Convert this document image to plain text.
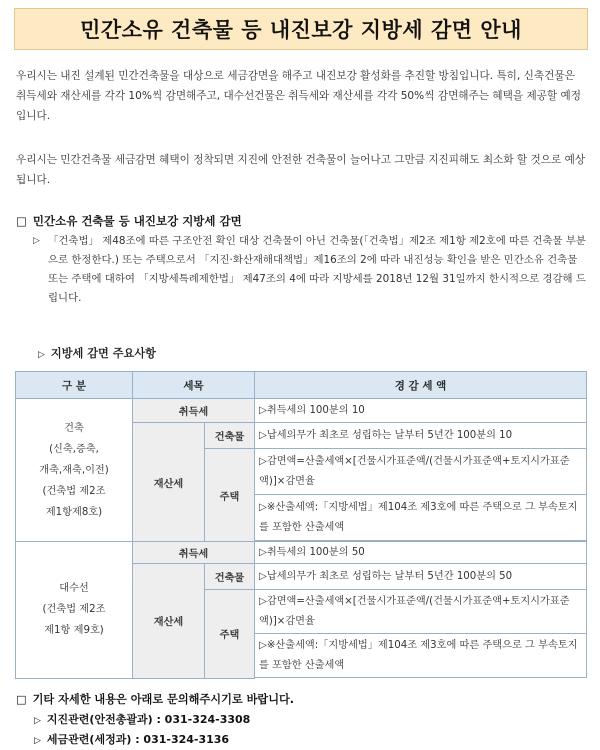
민간소유 건축물 등 내진보강 지방세 감면 안내
우리시는 내진 설계된 민간건축물을 대상으로 세금감면을 해주고 내진보강 활성화를 추진할 방침입니다. 특히, 신축건물은 취득세와 재산세를 각각 10%씩 감면해주고, 대수선건물은 취득세와 재산세를 각각 50%씩 감면해주는 혜택을 제공할 예정입니다.
우리시는 민간건축물 세금감면 혜택이 정착되면 지진에 안전한 건축물이 늘어나고 그만큼 지진피해도 최소화 할 것으로 예상됩니다.
□ 민간소유 건축물 등 내진보강 지방세 감면
▷ 「건축법」 제48조에 따른 구조안전 확인 대상 건축물이 아닌 건축물(「건축법」제2조 제1항 제2호에 따른 건축물 부분으로 한정한다.) 또는 주택으로서 「지진·화산재해대책법」제16조의 2에 따라 내진성능 확인을 받은 민간소유 건축물 또는 주택에 대하여 「지방세특례제한법」 제47조의 4에 따라 지방세를 2018년 12월 31일까지 한시적으로 경감해 드립니다.
▷ 지방세 감면 주요사항
구 분	세목		경 감 세 액

건축
(신축,증축,
개축,재축,이전)
(건축법 제2조
제1항제8호)	취득세		▷취득세의 100분의 10
	재산세	건축물	▷납세의무가 최초로 성립하는 날부터 5년간 100분의 10
		주택	▷감면액=산출세액×[건물시가표준액/(건물시가표준액+토지시가표준액)]×감면율
			▷※산출세액:「지방세법」제104조 제3호에 따른 주택으로 그 부속토지를 포함한 산출세액

대수선
(건축법 제2조
제1항 제9호)	취득세		▷취득세의 100분의 50
	재산세	건축물	▷납세의무가 최초로 성립하는 날부터 5년간 100분의 50
		주택	▷감면액=산출세액×[건물시가표준액/(건물시가표준액+토지시가표준액)]×감면율
			▷※산출세액:「지방세법」제104조 제3호에 따른 주택으로 그 부속토지를 포함한 산출세액

□ 기타 자세한 내용은 아래로 문의해주시기로 바랍니다.
▷ 지진관련(안전총괄과) : 031-324-3308
▷ 세금관련(세정과) : 031-324-3136
